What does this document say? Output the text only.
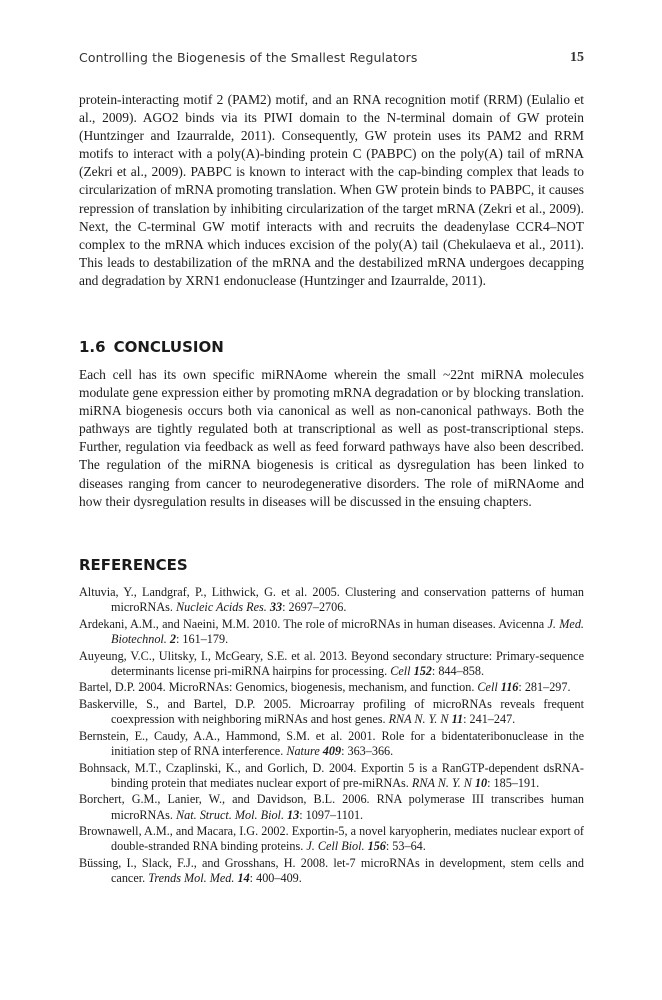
Controlling the Biogenesis of the Smallest Regulators	15

protein-interacting motif 2 (PAM2) motif, and an RNA recognition motif (RRM) (Eulalio et al., 2009). AGO2 binds via its PIWI domain to the N-terminal domain of GW protein (Huntzinger and Izaurralde, 2011). Consequently, GW protein uses its PAM2 and RRM motifs to interact with a poly(A)-binding protein C (PABPC) on the poly(A) tail of mRNA (Zekri et al., 2009). PABPC is known to interact with the cap-binding complex that leads to circularization of mRNA promoting translation. When GW protein binds to PABPC, it causes repression of translation by inhibiting circularization of the target mRNA (Zekri et al., 2009). Next, the C-terminal GW motif interacts with and recruits the deadenylase CCR4–NOT complex to the mRNA which induces excision of the poly(A) tail (Chekulaeva et al., 2011). This leads to destabilization of the mRNA and the destabilized mRNA undergoes decapping and degradation by XRN1 endonuclease (Huntzinger and Izaurralde, 2011).

1.6 CONCLUSION

Each cell has its own specific miRNAome wherein the small ~22nt miRNA molecules modulate gene expression either by promoting mRNA degradation or by blocking translation. miRNA biogenesis occurs both via canonical as well as non-canonical pathways. Both the pathways are tightly regulated both at transcriptional as well as post-transcriptional steps. Further, regulation via feedback as well as feed forward pathways have also been described. The regulation of the miRNA biogenesis is critical as dysregulation has been linked to diseases ranging from cancer to neurodegenerative disorders. The role of miRNAome and how their dysregulation results in diseases will be discussed in the ensuing chapters.

REFERENCES
Altuvia, Y., Landgraf, P., Lithwick, G. et al. 2005. Clustering and conservation patterns of human microRNAs. Nucleic Acids Res. 33: 2697–2706.
Ardekani, A.M., and Naeini, M.M. 2010. The role of microRNAs in human diseases. Avicenna J. Med. Biotechnol. 2: 161–179.
Auyeung, V.C., Ulitsky, I., McGeary, S.E. et al. 2013. Beyond secondary structure: Primary-sequence determinants license pri-miRNA hairpins for processing. Cell 152: 844–858.
Bartel, D.P. 2004. MicroRNAs: Genomics, biogenesis, mechanism, and function. Cell 116: 281–297.
Baskerville, S., and Bartel, D.P. 2005. Microarray profiling of microRNAs reveals frequent coexpression with neighboring miRNAs and host genes. RNA N. Y. N 11: 241–247.
Bernstein, E., Caudy, A.A., Hammond, S.M. et al. 2001. Role for a bidentateribonuclease in the initiation step of RNA interference. Nature 409: 363–366.
Bohnsack, M.T., Czaplinski, K., and Gorlich, D. 2004. Exportin 5 is a RanGTP-dependent dsRNA-binding protein that mediates nuclear export of pre-miRNAs. RNA N. Y. N 10: 185–191.
Borchert, G.M., Lanier, W., and Davidson, B.L. 2006. RNA polymerase III transcribes human microRNAs. Nat. Struct. Mol. Biol. 13: 1097–1101.
Brownawell, A.M., and Macara, I.G. 2002. Exportin-5, a novel karyopherin, mediates nuclear export of double-stranded RNA binding proteins. J. Cell Biol. 156: 53–64.
Büssing, I., Slack, F.J., and Grosshans, H. 2008. let-7 microRNAs in development, stem cells and cancer. Trends Mol. Med. 14: 400–409.
